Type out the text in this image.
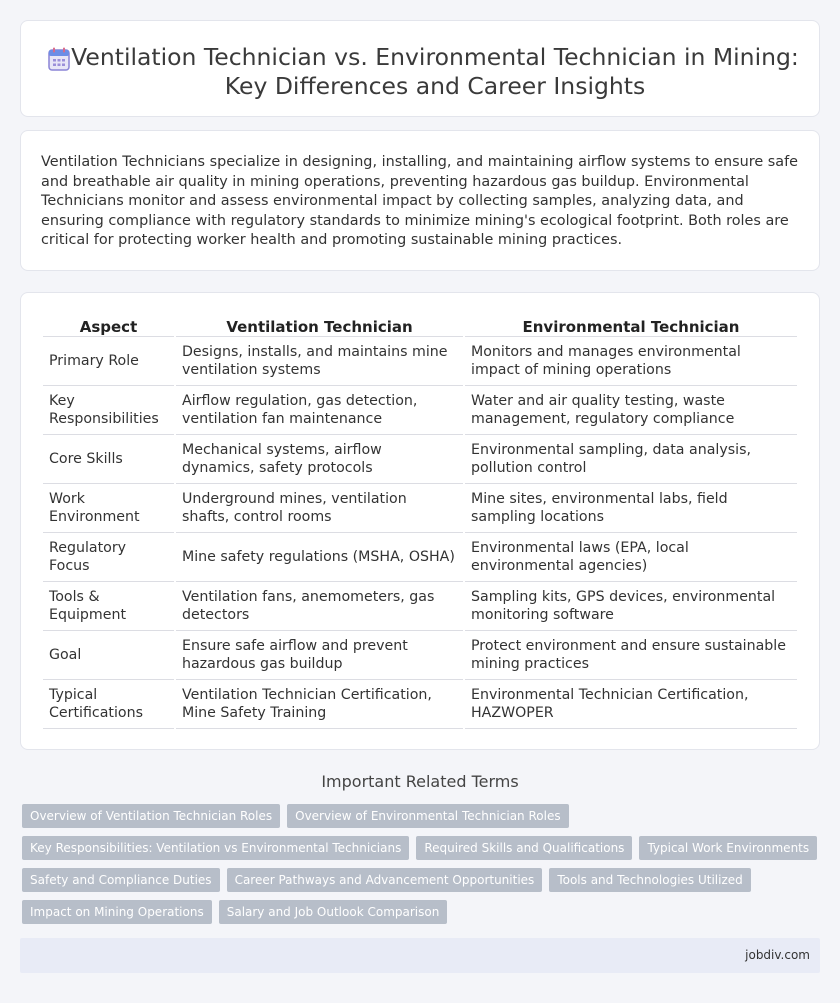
Ventilation Technician vs. Environmental Technician in Mining: Key Differences and Career Insights

Ventilation Technicians specialize in designing, installing, and maintaining airflow systems to ensure safe and breathable air quality in mining operations, preventing hazardous gas buildup. Environmental Technicians monitor and assess environmental impact by collecting samples, analyzing data, and ensuring compliance with regulatory standards to minimize mining's ecological footprint. Both roles are critical for protecting worker health and promoting sustainable mining practices.

Aspect	Ventilation Technician	Environmental Technician
Primary Role	Designs, installs, and maintains mine ventilation systems	Monitors and manages environmental impact of mining operations
Key Responsibilities	Airflow regulation, gas detection, ventilation fan maintenance	Water and air quality testing, waste management, regulatory compliance
Core Skills	Mechanical systems, airflow dynamics, safety protocols	Environmental sampling, data analysis, pollution control
Work Environment	Underground mines, ventilation shafts, control rooms	Mine sites, environmental labs, field sampling locations
Regulatory Focus	Mine safety regulations (MSHA, OSHA)	Environmental laws (EPA, local environmental agencies)
Tools & Equipment	Ventilation fans, anemometers, gas detectors	Sampling kits, GPS devices, environmental monitoring software
Goal	Ensure safe airflow and prevent hazardous gas buildup	Protect environment and ensure sustainable mining practices
Typical Certifications	Ventilation Technician Certification, Mine Safety Training	Environmental Technician Certification, HAZWOPER
Important Related Terms
Overview of Ventilation Technician Roles	Overview of Environmental Technician Roles
Key Responsibilities: Ventilation vs Environmental Technicians	Required Skills and Qualifications	Typical Work Environments
Safety and Compliance Duties	Career Pathways and Advancement Opportunities	Tools and Technologies Utilized
Impact on Mining Operations	Salary and Job Outlook Comparison
jobdiv.com
